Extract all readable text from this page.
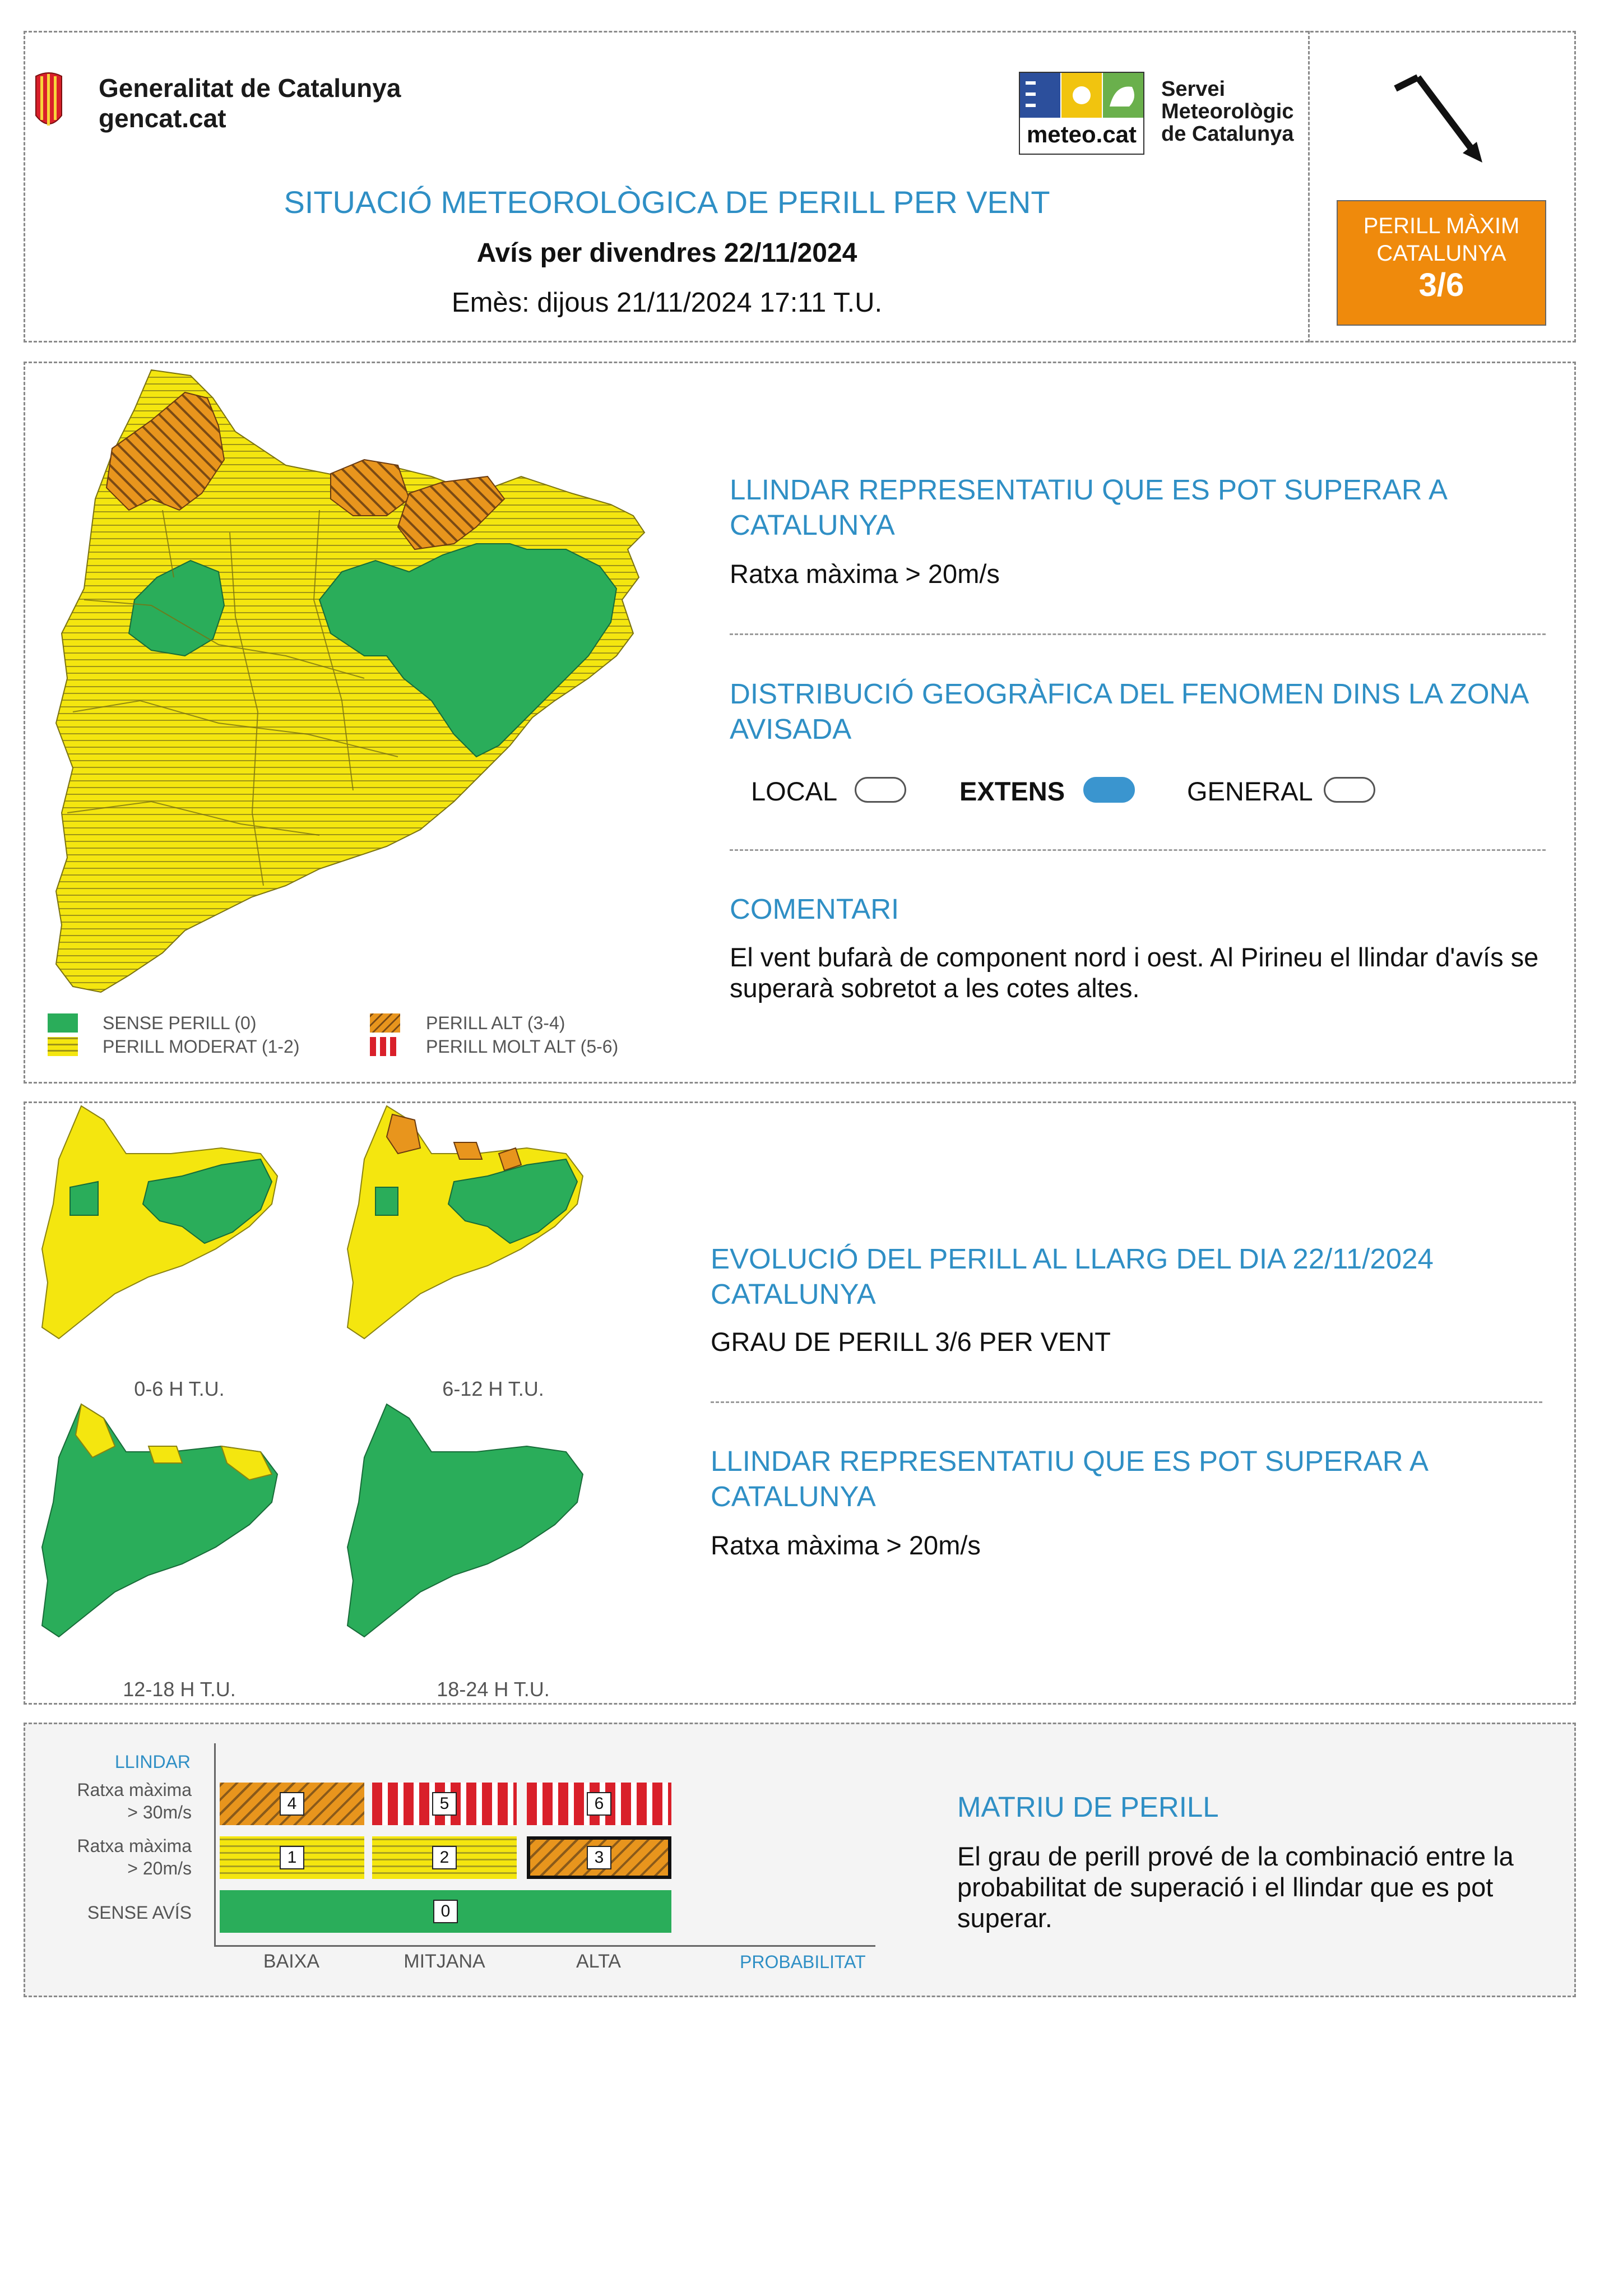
Generalitat de Catalunya
gencat.cat
meteo.cat
Servei
Meteorològic
de Catalunya
SITUACIÓ METEOROLÒGICA DE PERILL PER VENT
Avís per divendres 22/11/2024
Emès: dijous 21/11/2024 17:11 T.U.
PERILL MÀXIM
CATALUNYA
3/6
SENSE PERILL (0)
PERILL MODERAT (1-2)
PERILL ALT (3-4)
PERILL MOLT ALT (5-6)
LLINDAR REPRESENTATIU QUE ES POT SUPERAR A CATALUNYA
Ratxa màxima > 20m/s
DISTRIBUCIÓ GEOGRÀFICA DEL FENOMEN DINS LA ZONA AVISADA
LOCAL	EXTENS	GENERAL
COMENTARI
El vent bufarà de component nord i oest. Al Pirineu el llindar d'avís se superarà sobretot a les cotes altes.
0-6 H T.U.	6-12 H T.U.
12-18 H T.U.	18-24 H T.U.
EVOLUCIÓ DEL PERILL AL LLARG DEL DIA 22/11/2024 CATALUNYA
GRAU DE PERILL 3/6 PER VENT
LLINDAR REPRESENTATIU QUE ES POT SUPERAR A CATALUNYA
Ratxa màxima > 20m/s
LLINDAR
Ratxa màxima
> 30m/s
Ratxa màxima
> 20m/s
SENSE AVÍS
4	5	6
1	2	3
0
BAIXA	MITJANA	ALTA	PROBABILITAT
MATRIU DE PERILL
El grau de perill prové de la combinació entre la probabilitat de superació i el llindar que es pot superar.
